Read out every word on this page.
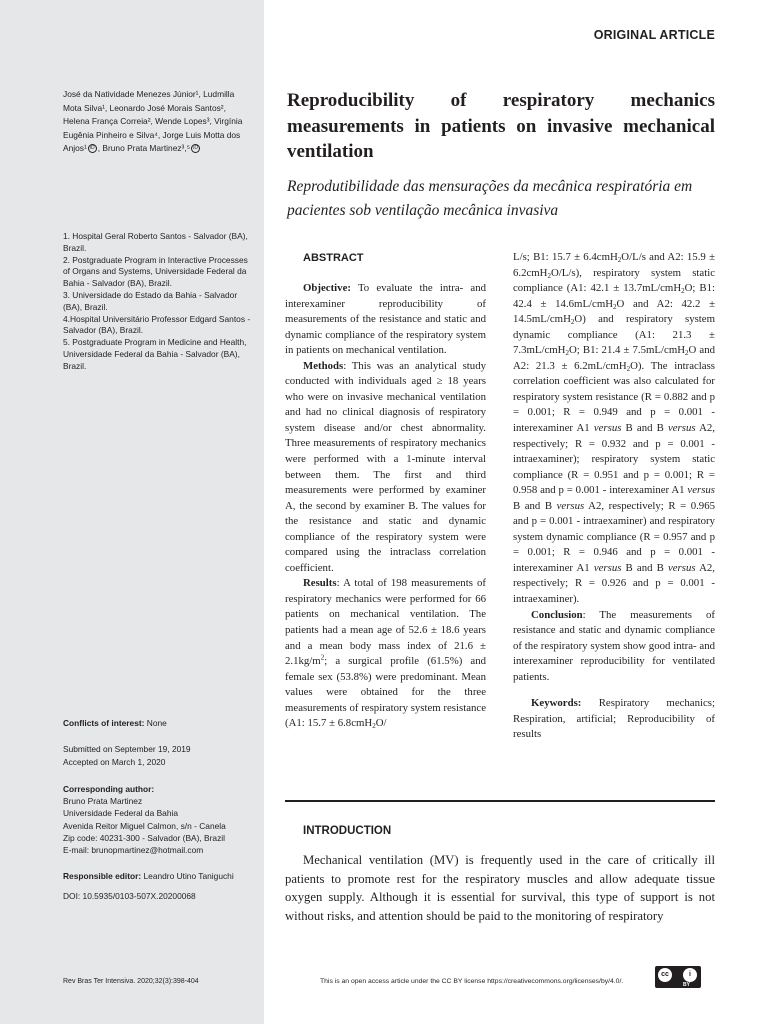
ORIGINAL ARTICLE
José da Natividade Menezes Júnior¹, Ludmilla Mota Silva¹, Leonardo José Morais Santos², Helena França Correia², Wende Lopes³, Virgínia Eugênia Pinheiro e Silva⁴, Jorge Luis Motta dos Anjos¹ iD , Bruno Prata Martinez³,⁵ iD
1. Hospital Geral Roberto Santos - Salvador (BA), Brazil.
2. Postgraduate Program in Interactive Processes of Organs and Systems, Universidade Federal da Bahia - Salvador (BA), Brazil.
3. Universidade do Estado da Bahia - Salvador (BA), Brazil.
4.Hospital Universitário Professor Edgard Santos - Salvador (BA), Brazil.
5. Postgraduate Program in Medicine and Health, Universidade Federal da Bahia - Salvador (BA), Brazil.
Conflicts of interest: None
Submitted on September 19, 2019
Accepted on March 1, 2020
Corresponding author:
Bruno Prata Martinez
Universidade Federal da Bahia
Avenida Reitor Miguel Calmon, s/n - Canela
Zip code: 40231-300 - Salvador (BA), Brazil
E-mail: brunopmartinez@hotmail.com
Responsible editor: Leandro Utino Taniguchi
DOI: 10.5935/0103-507X.20200068
Reproducibility of respiratory mechanics measurements in patients on invasive mechanical ventilation
Reprodutibilidade das mensurações da mecânica respiratória em pacientes sob ventilação mecânica invasiva
ABSTRACT

Objective: To evaluate the intra- and interexaminer reproducibility of measurements of the resistance and static and dynamic compliance of the respiratory system in patients on mechanical ventilation.

Methods: This was an analytical study conducted with individuals aged ≥ 18 years who were on invasive mechanical ventilation and had no clinical diagnosis of respiratory system disease and/or chest abnormality. Three measurements of respiratory mechanics were performed with a 1-minute interval between them. The first and third measurements were performed by examiner A, the second by examiner B. The values for the resistance and static and dynamic compliance of the respiratory system were compared using the intraclass correlation coefficient.

Results: A total of 198 measurements of respiratory mechanics were performed for 66 patients on mechanical ventilation. The patients had a mean age of 52.6 ± 18.6 years and a mean body mass index of $21.6 \pm 2.1kg/m^2$; a surgical profile (61.5%) and female sex (53.8%) were predominant. Mean values were obtained for the three measurements of respiratory system resistance (A1: 15.7 ± 6.8cmH$_2$O/

L/s; B1: 15.7 ± 6.4cmH$_2$O/L/s and A2: 15.9 ± 6.2cmH$_2$O/L/s), respiratory system static compliance (A1: 42.1 ± 13.7mL/cmH$_2$O; B1: 42.4 ± 14.6mL/cmH$_2$O and A2: 42.2 ± 14.5mL/cmH$_2$O) and respiratory system dynamic compliance (A1: 21.3 ± 7.3mL/cmH$_2$O; B1: 21.4 ± 7.5mL/cmH$_2$O and A2: 21.3 ± 6.2mL/cmH$_2$O). The intraclass correlation coefficient was also calculated for respiratory system resistance (R = 0.882 and p = 0.001; R = 0.949 and p = 0.001 - interexaminer A1 versus B and B versus A2, respectively; R = 0.932 and p = 0.001 - intraexaminer); respiratory system static compliance (R = 0.951 and p = 0.001; R = 0.958 and p = 0.001 - interexaminer A1 versus B and B versus A2, respectively; R = 0.965 and p = 0.001 - intraexaminer) and respiratory system dynamic compliance (R = 0.957 and p = 0.001; R = 0.946 and p = 0.001 - interexaminer A1 versus B and B versus A2, respectively; R = 0.926 and p = 0.001 - intraexaminer).

Conclusion: The measurements of resistance and static and dynamic compliance of the respiratory system show good intra- and interexaminer reproducibility for ventilated patients.

Keywords: Respiratory mechanics; Respiration, artificial; Reproducibility of results

INTRODUCTION
Mechanical ventilation (MV) is frequently used in the care of critically ill patients to promote rest for the respiratory muscles and allow adequate tissue oxygen supply. Although it is essential for survival, this type of support is not without risks, and attention should be paid to the monitoring of respiratory
Rev Bras Ter Intensiva. 2020;32(3):398-404	This is an open access article under the CC BY license https://creativecommons.org/licenses/by/4.0/.
cc	i
BY
